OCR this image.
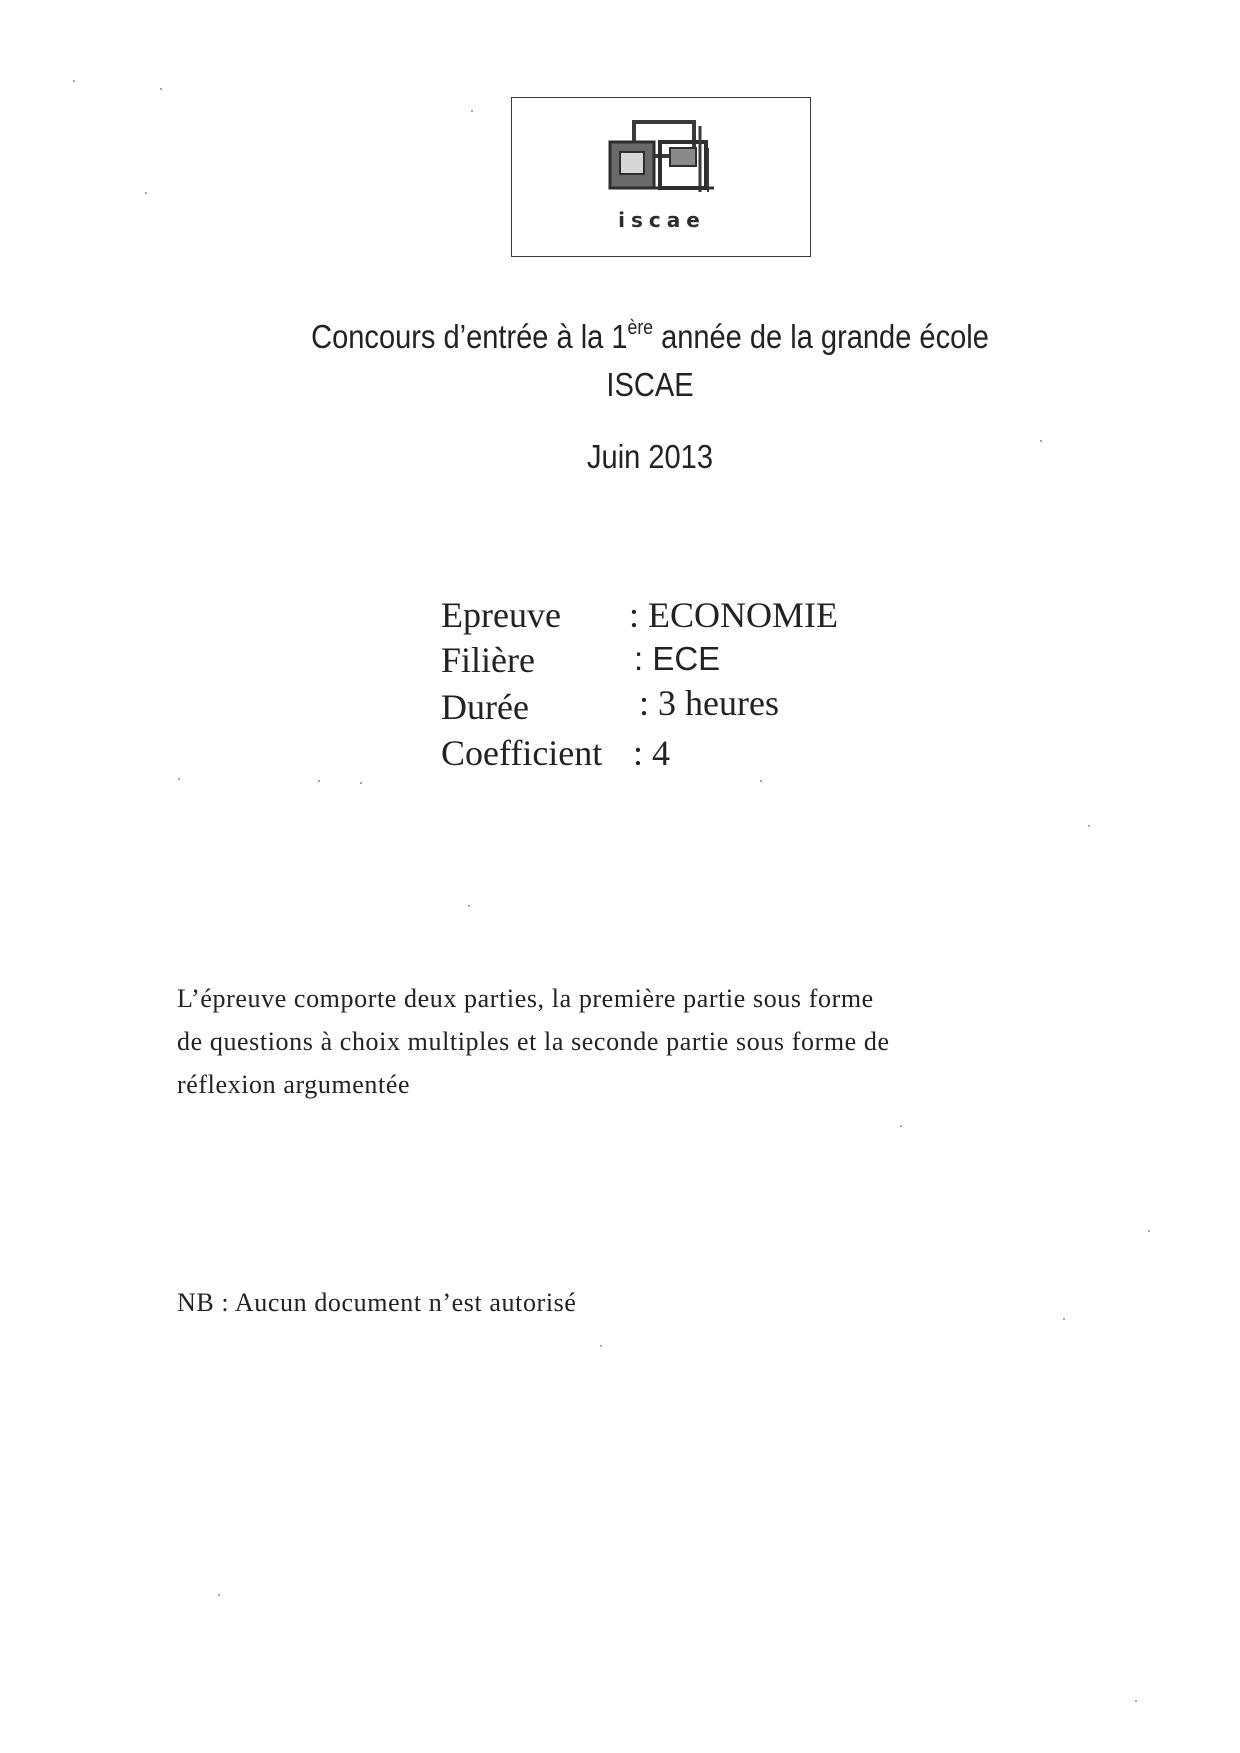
iscae
Concours d’entrée à la 1ère année de la grande école
ISCAE
Juin 2013
Epreuve : ECONOMIE
Filière	: ECE
Durée	: 3 heures
Coefficient : 4
L’épreuve comporte deux parties, la première partie sous forme
de questions à choix multiples et la seconde partie sous forme de
réflexion argumentée
NB : Aucun document n’est autorisé
